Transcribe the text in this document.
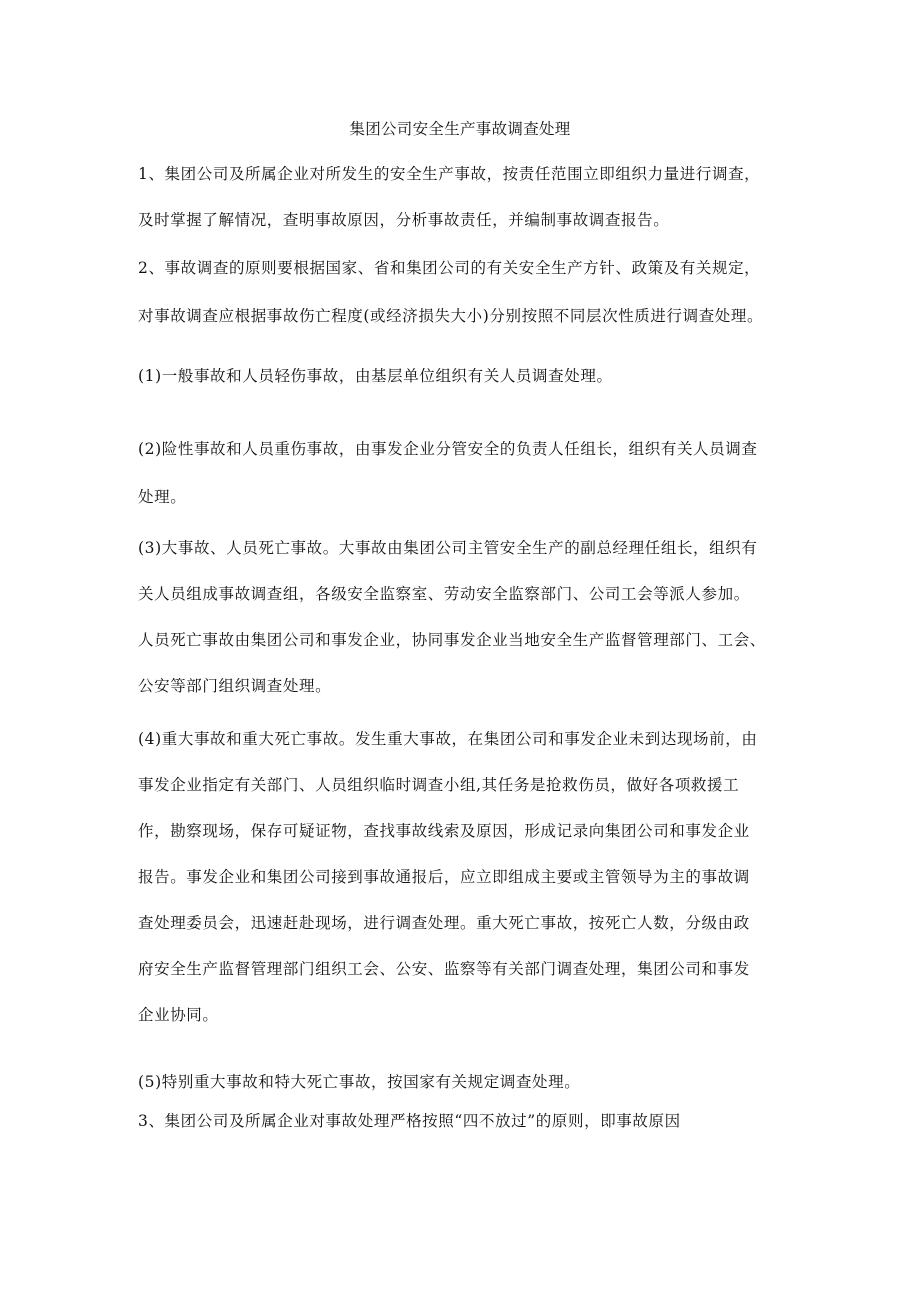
集团公司安全生产事故调查处理
1、集团公司及所属企业对所发生的安全生产事故，按责任范围立即组织力量进行调查，
及时掌握了解情况，查明事故原因，分析事故责任，并编制事故调查报告。
2、事故调查的原则要根据国家、省和集团公司的有关安全生产方针、政策及有关规定，
对事故调查应根据事故伤亡程度(或经济损失大小)分别按照不同层次性质进行调查处理。
(1)一般事故和人员轻伤事故，由基层单位组织有关人员调查处理。
(2)险性事故和人员重伤事故，由事发企业分管安全的负责人任组长，组织有关人员调查
处理。
(3)大事故、人员死亡事故。大事故由集团公司主管安全生产的副总经理任组长，组织有
关人员组成事故调查组，各级安全监察室、劳动安全监察部门、公司工会等派人参加。
人员死亡事故由集团公司和事发企业，协同事发企业当地安全生产监督管理部门、工会、
公安等部门组织调查处理。
(4)重大事故和重大死亡事故。发生重大事故，在集团公司和事发企业未到达现场前，由
事发企业指定有关部门、人员组织临时调查小组,其任务是抢救伤员，做好各项救援工
作，勘察现场，保存可疑证物，查找事故线索及原因，形成记录向集团公司和事发企业
报告。事发企业和集团公司接到事故通报后，应立即组成主要或主管领导为主的事故调
查处理委员会，迅速赶赴现场，进行调查处理。重大死亡事故，按死亡人数，分级由政
府安全生产监督管理部门组织工会、公安、监察等有关部门调查处理，集团公司和事发
企业协同。
(5)特别重大事故和特大死亡事故，按国家有关规定调查处理。
3、集团公司及所属企业对事故处理严格按照“四不放过”的原则，即事故原因
